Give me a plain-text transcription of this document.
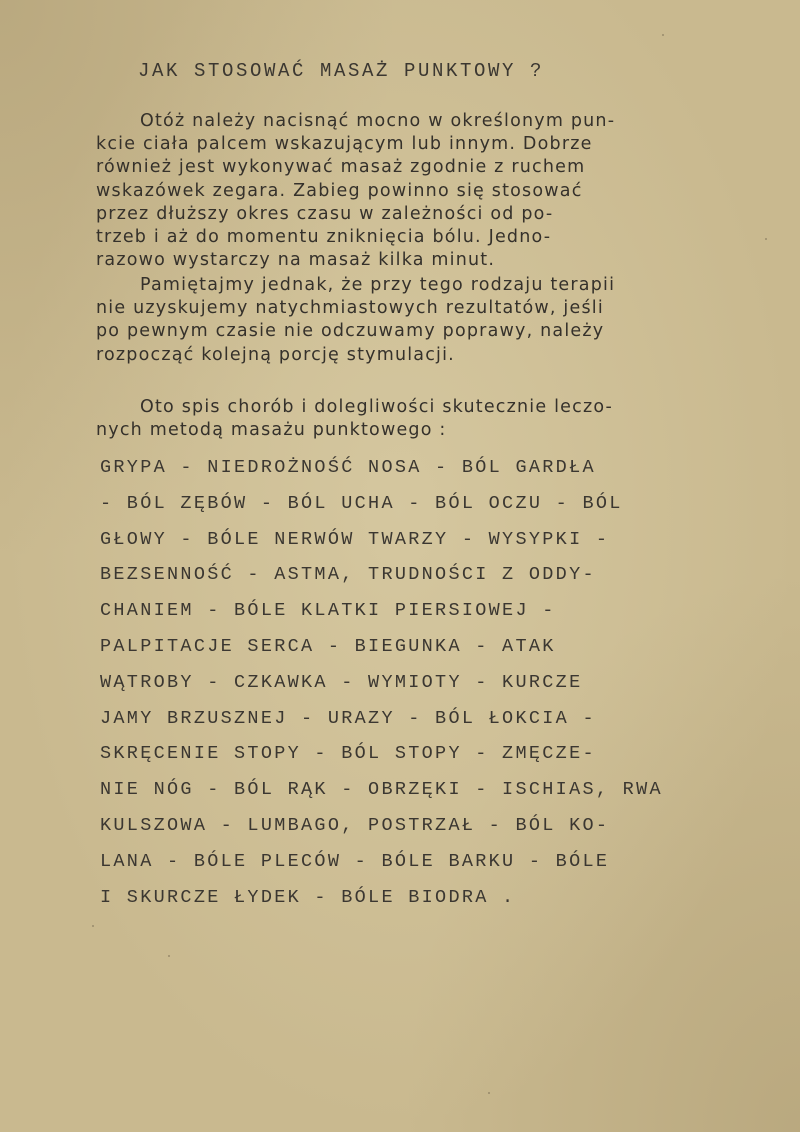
JAK STOSOWAĆ MASAŻ PUNKTOWY ?
Otóż należy nacisnąć mocno w określonym pun-
kcie ciała palcem wskazującym lub innym. Dobrze
również jest wykonywać masaż zgodnie z ruchem
wskazówek zegara. Zabieg powinno się stosować
przez dłuższy okres czasu w zależności od po-
trzeb i aż do momentu zniknięcia bólu. Jedno-
razowo wystarczy na masaż kilka minut.
Pamiętajmy jednak, że przy tego rodzaju terapii
nie uzyskujemy natychmiastowych rezultatów, jeśli
po pewnym czasie nie odczuwamy poprawy, należy
rozpocząć kolejną porcję stymulacji.
Oto spis chorób i dolegliwości skutecznie leczo-
nych metodą masażu punktowego :
GRYPA - NIEDROŻNOŚĆ NOSA - BÓL GARDŁA
- BÓL ZĘBÓW - BÓL UCHA - BÓL OCZU - BÓL
GŁOWY - BÓLE NERWÓW TWARZY - WYSYPKI -
BEZSENNOŚĆ - ASTMA, TRUDNOŚCI Z ODDY-
CHANIEM - BÓLE KLATKI PIERSIOWEJ -
PALPITACJE SERCA - BIEGUNKA - ATAK
WĄTROBY - CZKAWKA - WYMIOTY - KURCZE
JAMY BRZUSZNEJ - URAZY - BÓL ŁOKCIA -
SKRĘCENIE STOPY - BÓL STOPY - ZMĘCZE-
NIE NÓG - BÓL RĄK - OBRZĘKI - ISCHIAS, RWA
KULSZOWA - LUMBAGO, POSTRZAŁ - BÓL KO-
LANA - BÓLE PLECÓW - BÓLE BARKU - BÓLE
I SKURCZE ŁYDEK - BÓLE BIODRA .
